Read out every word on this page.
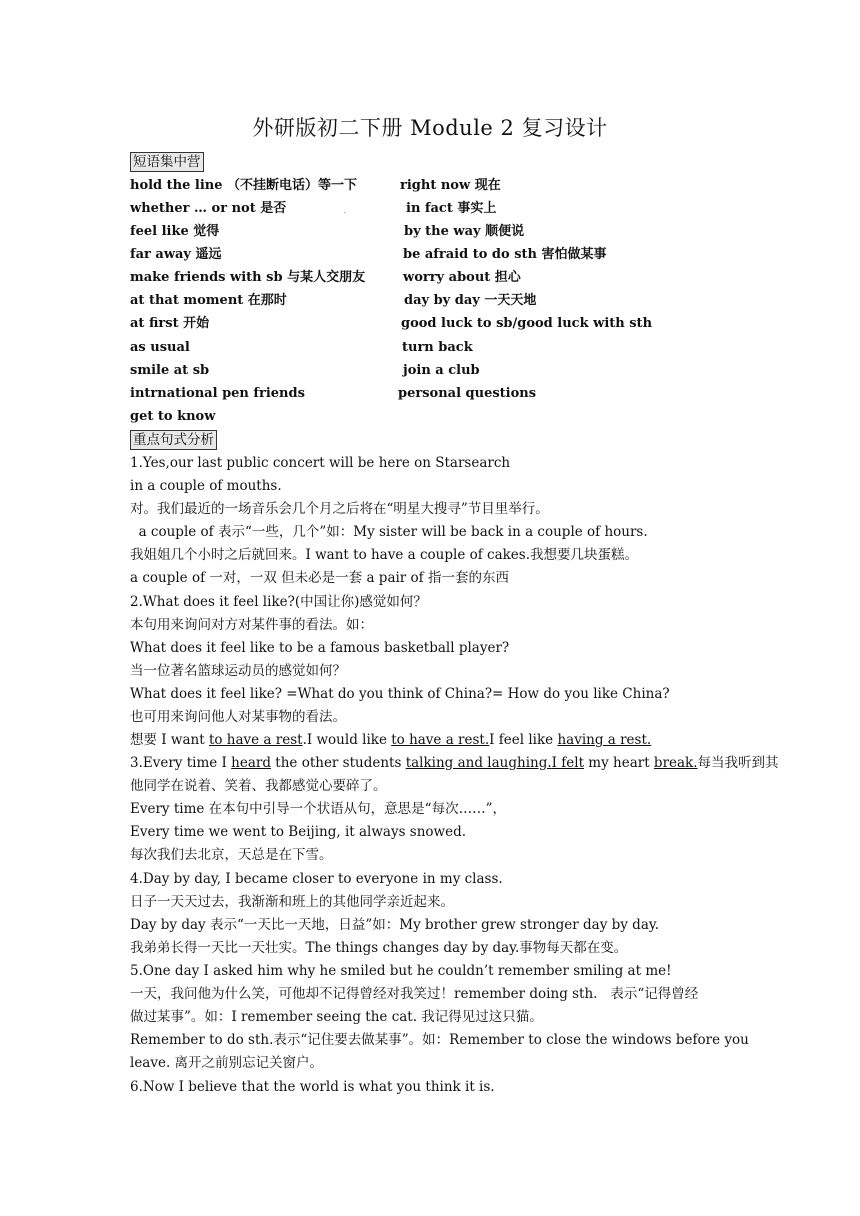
外研版初二下册 Module 2 复习设计
短语集中营
hold the line （不挂断电话）等一下	right now 现在
whether … or not 是否	in fact 事实上
feel like 觉得	by the way 顺便说
far away 遥远	be afraid to do sth 害怕做某事
make friends with sb 与某人交朋友	worry about 担心
at that moment 在那时	day by day 一天天地
at first 开始	good luck to sb/good luck with sth
as usual	turn back
smile at sb	join a club
intrnational pen friends	personal questions
get to know
.
重点句式分析
1.Yes,our last public concert will be here on Starsearch
in a couple of mouths.
对。我们最近的一场音乐会几个月之后将在“明星大搜寻”节目里举行。
a couple of 表示“一些，几个”如：My sister will be back in a couple of hours.
我姐姐几个小时之后就回来。I want to have a couple of cakes.我想要几块蛋糕。
a couple of 一对，一双 但未必是一套 a pair of 指一套的东西
2.What does it feel like?(中国让你)感觉如何？
本句用来询问对方对某件事的看法。如：
What does it feel like to be a famous basketball player?
当一位著名篮球运动员的感觉如何？
What does it feel like? =What do you think of China?= How do you like China?
也可用来询问他人对某事物的看法。
想要 I want to have a rest.I would like to have a rest.I feel like having a rest.
3.Every time I heard the other students talking and laughing.I felt my heart break.每当我听到其
他同学在说着、笑着、我都感觉心要碎了。
Every time 在本句中引导一个状语从句，意思是“每次……”，
Every time we went to Beijing, it always snowed.
每次我们去北京，天总是在下雪。
4.Day by day, I became closer to everyone in my class.
日子一天天过去，我渐渐和班上的其他同学亲近起来。
Day by day 表示“一天比一天地，日益”如：My brother grew stronger day by day.
我弟弟长得一天比一天壮实。The things changes day by day.事物每天都在变。
5.One day I asked him why he smiled but he couldn’t remember smiling at me!
一天，我问他为什么笑，可他却不记得曾经对我笑过！remember doing sth.   表示“记得曾经
做过某事”。如：I remember seeing the cat. 我记得见过这只猫。
Remember to do sth.表示“记住要去做某事”。如：Remember to close the windows before you
leave. 离开之前别忘记关窗户。
6.Now I believe that the world is what you think it is.
